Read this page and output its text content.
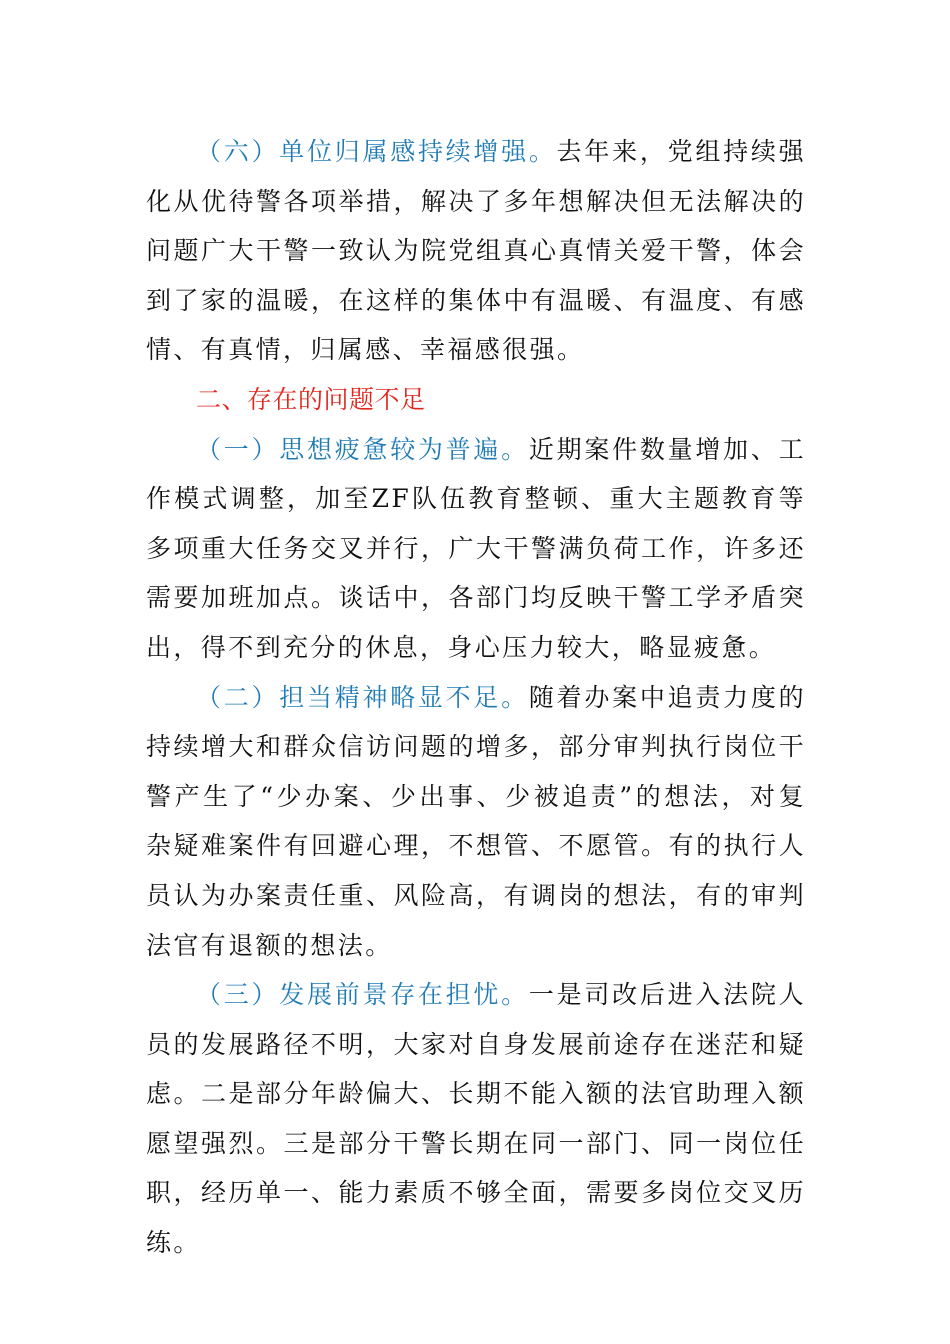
（六）单位归属感持续增强。去年来，党组持续强化从优待警各项举措，解决了多年想解决但无法解决的问题广大干警一致认为院党组真心真情关爱干警，体会到了家的温暖，在这样的集体中有温暖、有温度、有感情、有真情，归属感、幸福感很强。

二、存在的问题不足

（一）思想疲惫较为普遍。近期案件数量增加、工作模式调整，加至ZF队伍教育整顿、重大主题教育等多项重大任务交叉并行，广大干警满负荷工作，许多还需要加班加点。谈话中，各部门均反映干警工学矛盾突出，得不到充分的休息，身心压力较大，略显疲惫。

（二）担当精神略显不足。随着办案中追责力度的持续增大和群众信访问题的增多，部分审判执行岗位干警产生了“少办案、少出事、少被追责”的想法，对复杂疑难案件有回避心理，不想管、不愿管。有的执行人员认为办案责任重、风险高，有调岗的想法，有的审判法官有退额的想法。

（三）发展前景存在担忧。一是司改后进入法院人员的发展路径不明，大家对自身发展前途存在迷茫和疑虑。二是部分年龄偏大、长期不能入额的法官助理入额愿望强烈。三是部分干警长期在同一部门、同一岗位任职，经历单一、能力素质不够全面，需要多岗位交叉历练。
